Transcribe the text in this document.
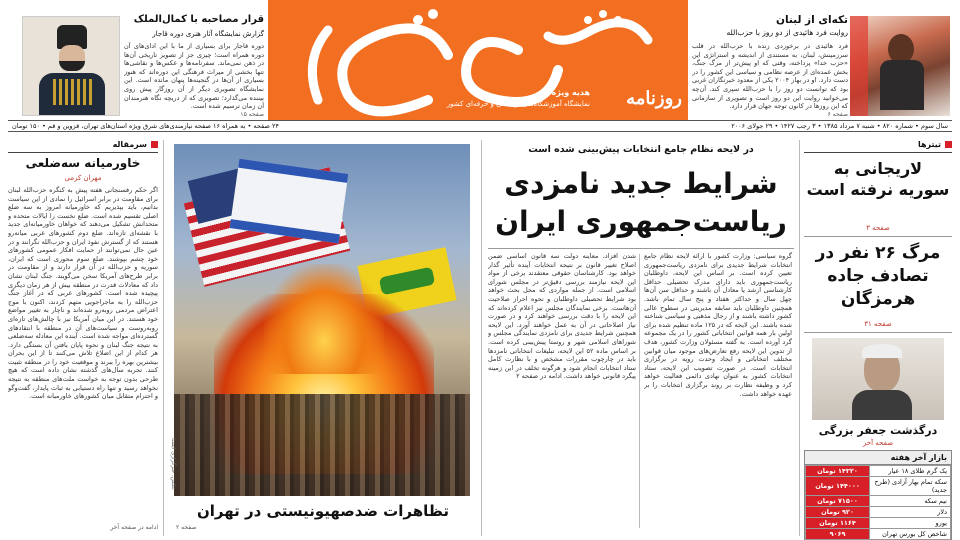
تکه‌ای از لبنان
روایت فرد هائیدی از دو روز با حزب‌الله
فرد هائیدی در برخوردی زنده با حزب‌الله در قلب سرزمینش، لبنان، به مستندی از اندیشه و استراتژی این «حزب خدا» پرداخته، وقتی که او پیش‌تر از مرگ جنگ، بخش عمده‌ای از عرصه نظامی و سیاسی این کشور را در دست دارد. او در بهار ۲۰۰۴ یکی از معدود خبرنگاران غربی بود که توانست دو روز را با حزب‌الله سپری کند. آن‌چه می‌خوانید روایت این دو روز است و تصویری از سازمانی که این روزها در کانون توجه جهان قرار دارد.
صفحه ۶
روزنامه
هدیه ویژه
نمایشگاه آموزشگاه‌های آزاد فنی و حرفه‌ای کشور
قرار مصاحبه با کمال‌الملک
گزارش نمایشگاه آثار هنری دوره قاجار
دوره قاجار برای بسیاری از ما با این ادای‌های آن دوره همراه است؛ چیزی جز از تصویر تاریخی آن‌ها در ذهن نمی‌ماند. سفرنامه‌ها و عکس‌ها و نقاشی‌ها تنها بخشی از میراث فرهنگی این دوره‌اند که هنوز بسیاری از آن‌ها در گنجینه‌ها پنهان مانده است. این نمایشگاه تصویری دیگر از آن روزگار پیش روی بیننده می‌گذارد؛ تصویری که از دریچه نگاه هنرمندان آن زمان ترسیم شده است.
صفحه ۱۵
سال سوم • شماره ۸۲۰ • شنبه ۷ مرداد ۱۳۸۵ • ۳ رجب ۱۴۲۷ • ۲۹ جولای ۲۰۰۶
۲۴ صفحه • به همراه ۱۶ صفحه نیازمندی‌های شرق ویژه استان‌های تهران، قزوین و قم • ۱۵۰ تومان
تیترها
لاریجانی به سوریه نرفته است
صفحه ۳
مرگ ۲۶ نفر در تصادف جاده هرمزگان
صفحه ۳۱
درگذشت جعفر بزرگی
صفحه آخر
بازار آخر هفته
یک گرم طلای ۱۸ عیار	۱۴۳۲۰ تومان
سکه تمام بهار آزادی (طرح جدید)	۱۴۴۰۰۰ تومان
نیم سکه	۷۱۵۰۰ تومان
دلار	۹۲۰ تومان
یورو	۱۱۶۴ تومان
شاخص کل بورس تهران	۹۰۶۹
در لایحه نظام جامع انتخابات پیش‌بینی شده است
شرایط جدید نامزدی
ریاست‌جمهوری ایران
گروه سیاسی: وزارت کشور با ارائه لایحه نظام جامع انتخابات شرایط جدیدی برای نامزدی ریاست‌جمهوری تعیین کرده است. بر اساس این لایحه، داوطلبان ریاست‌جمهوری باید دارای مدرک تحصیلی حداقل کارشناسی ارشد یا معادل آن باشند و حداقل سن آن‌ها چهل سال و حداکثر هفتاد و پنج سال تمام باشد. همچنین داوطلبان باید سابقه مدیریتی در سطوح عالی کشور داشته باشند و از رجال مذهبی و سیاسی شناخته شده باشند. این لایحه که در ۱۲۵ ماده تنظیم شده برای اولین بار همه قوانین انتخاباتی کشور را در یک مجموعه گرد آورده است. به گفته مسئولان وزارت کشور، هدف از تدوین این لایحه رفع تعارض‌های موجود میان قوانین مختلف انتخاباتی و ایجاد وحدت رویه در برگزاری انتخابات است. در صورت تصویب این لایحه، ستاد انتخابات کشور به عنوان نهادی دائمی فعالیت خواهد کرد و وظیفه نظارت بر روند برگزاری انتخابات را بر عهده خواهد داشت.
شدن افزاد، معاینه دولت سه قانون اساسی ضمن اصلاح تغییر قانون بر نتیجه انتخابات آینده تأثیر گذار خواهد بود. کارشناسان حقوقی معتقدند برخی از مواد این لایحه نیازمند بررسی دقیق‌تر در مجلس شورای اسلامی است. از جمله مواردی که محل بحث خواهد بود شرایط تحصیلی داوطلبان و نحوه احراز صلاحیت آن‌هاست. برخی نمایندگان مجلس نیز اعلام کرده‌اند که این لایحه را با دقت بررسی خواهند کرد و در صورت نیاز اصلاحاتی در آن به عمل خواهند آورد. این لایحه همچنین شرایط جدیدی برای نامزدی نمایندگی مجلس و شوراهای اسلامی شهر و روستا پیش‌بینی کرده است. بر اساس ماده ۵۲ این لایحه، تبلیغات انتخاباتی نامزدها باید در چارچوب مقررات مشخص و با نظارت کامل ستاد انتخابات انجام شود و هرگونه تخلف در این زمینه پیگرد قانونی خواهد داشت. ادامه در صفحه ۲
عکس: خبرگزاری ایسنا
تظاهرات ضدصهیونیستی در تهران
صفحه ۲
سرمقاله
خاورمیانه سه‌ضلعی
مهران کرمی
اگر حکم رفسنجانی هفته پیش به کنگره حزب‌الله لبنان برای مقاومت در برابر اسرائیل را نمادی از این سیاست بدانیم، باید بپذیریم که خاورمیانه امروز به سه ضلع اصلی تقسیم شده است. ضلع نخست را ایالات متحده و متحدانش تشکیل می‌دهند که خواهان خاورمیانه‌ای جدید با نقشه‌ای تازه‌اند. ضلع دوم کشورهای عربی میانه‌رو هستند که از گسترش نفوذ ایران و حزب‌الله نگرانند و در عین حال نمی‌توانند از حمایت افکار عمومی کشورهای خود چشم بپوشند. ضلع سوم محوری است که ایران، سوریه و حزب‌الله در آن قرار دارند و از مقاومت در برابر طرح‌های آمریکا سخن می‌گویند. جنگ لبنان نشان داد که معادلات قدرت در منطقه بیش از هر زمان دیگری پیچیده شده است. کشورهای عربی که در آغاز جنگ حزب‌الله را به ماجراجویی متهم کردند، اکنون با موج اعتراض مردمی روبه‌رو شده‌اند و ناچار به تغییر مواضع خود هستند. در این میان آمریکا نیز با چالش‌های تازه‌ای روبه‌روست و سیاست‌های آن در منطقه با انتقادهای گسترده‌ای مواجه شده است. آینده این معادله سه‌ضلعی به نتیجه جنگ لبنان و نحوه پایان یافتن آن بستگی دارد. هر کدام از این اضلاع تلاش می‌کنند تا از این بحران بیشترین بهره را ببرند و موقعیت خود را در منطقه تثبیت کنند. تجربه سال‌های گذشته نشان داده است که هیچ طرحی بدون توجه به خواست ملت‌های منطقه به نتیجه نخواهد رسید و تنها راه دستیابی به ثبات پایدار، گفت‌وگو و احترام متقابل میان کشورهای خاورمیانه است.
ادامه در صفحه آخر
